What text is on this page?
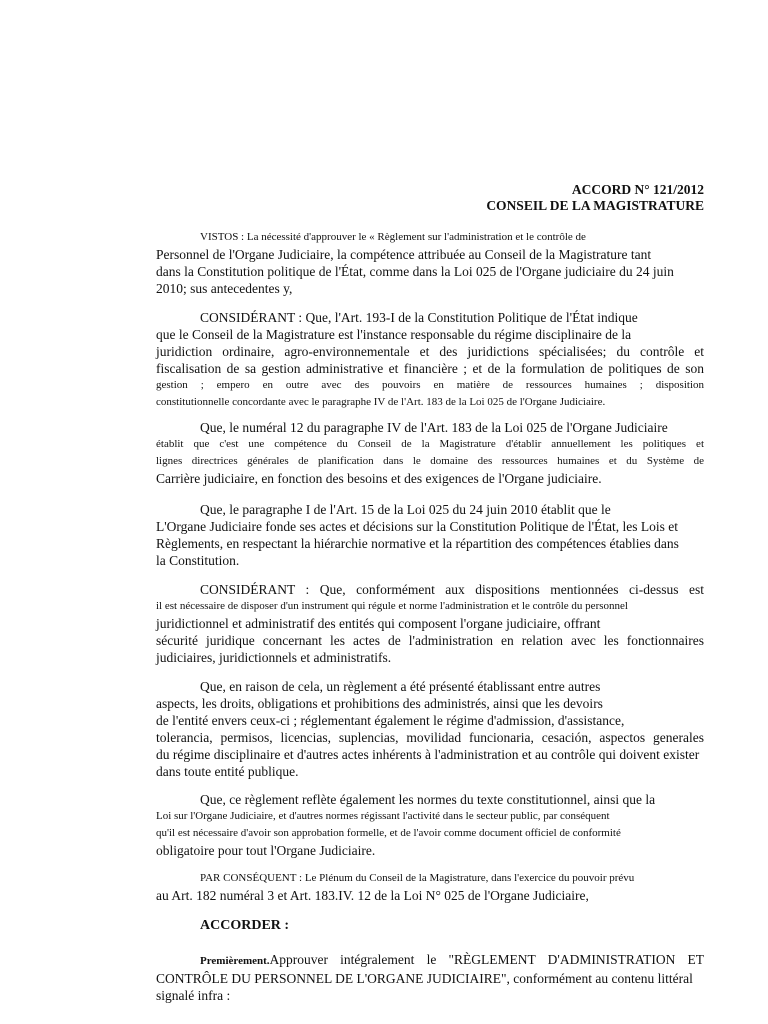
ACCORD N° 121/2012
CONSEIL DE LA MAGISTRATURE
VISTOS : La nécessité d'approuver le « Règlement sur l'administration et le contrôle de
Personnel de l'Organe Judiciaire, la compétence attribuée au Conseil de la Magistrature tant
dans la Constitution politique de l'État, comme dans la Loi 025 de l'Organe judiciaire du 24 juin
2010; sus antecedentes y,
CONSIDÉRANT : Que, l'Art. 193-I de la Constitution Politique de l'État indique
que le Conseil de la Magistrature est l'instance responsable du régime disciplinaire de la
juridiction ordinaire, agro-environnementale et des juridictions spécialisées; du contrôle et
fiscalisation de sa gestion administrative et financière ; et de la formulation de politiques de son
gestion ; empero en outre avec des pouvoirs en matière de ressources humaines ; disposition
constitutionnelle concordante avec le paragraphe IV de l'Art. 183 de la Loi 025 de l'Organe Judiciaire.
Que, le numéral 12 du paragraphe IV de l'Art. 183 de la Loi 025 de l'Organe Judiciaire
établit que c'est une compétence du Conseil de la Magistrature d'établir annuellement les politiques et
lignes directrices générales de planification dans le domaine des ressources humaines et du Système de
Carrière judiciaire, en fonction des besoins et des exigences de l'Organe judiciaire.
Que, le paragraphe I de l'Art. 15 de la Loi 025 du 24 juin 2010 établit que le
L'Organe Judiciaire fonde ses actes et décisions sur la Constitution Politique de l'État, les Lois et
Règlements, en respectant la hiérarchie normative et la répartition des compétences établies dans
la Constitution.
CONSIDÉRANT : Que, conformément aux dispositions mentionnées ci-dessus est
il est nécessaire de disposer d'un instrument qui régule et norme l'administration et le contrôle du personnel
juridictionnel et administratif des entités qui composent l'organe judiciaire, offrant
sécurité juridique concernant les actes de l'administration en relation avec les fonctionnaires
judiciaires, juridictionnels et administratifs.
Que, en raison de cela, un règlement a été présenté établissant entre autres
aspects, les droits, obligations et prohibitions des administrés, ainsi que les devoirs
de l'entité envers ceux-ci ; réglementant également le régime d'admission, d'assistance,
tolerancia, permisos, licencias, suplencias, movilidad funcionaria, cesación, aspectos generales
du régime disciplinaire et d'autres actes inhérents à l'administration et au contrôle qui doivent exister
dans toute entité publique.
Que, ce règlement reflète également les normes du texte constitutionnel, ainsi que la
Loi sur l'Organe Judiciaire, et d'autres normes régissant l'activité dans le secteur public, par conséquent
qu'il est nécessaire d'avoir son approbation formelle, et de l'avoir comme document officiel de conformité
obligatoire pour tout l'Organe Judiciaire.
PAR CONSÉQUENT : Le Plénum du Conseil de la Magistrature, dans l'exercice du pouvoir prévu
au Art. 182 numéral 3 et Art. 183.IV. 12 de la Loi N° 025 de l'Organe Judiciaire,
ACCORDER :
Premièrement.Approuver intégralement le "RÈGLEMENT D'ADMINISTRATION ET
CONTRÔLE DU PERSONNEL DE L'ORGANE JUDICIAIRE", conformément au contenu littéral
signalé infra :
